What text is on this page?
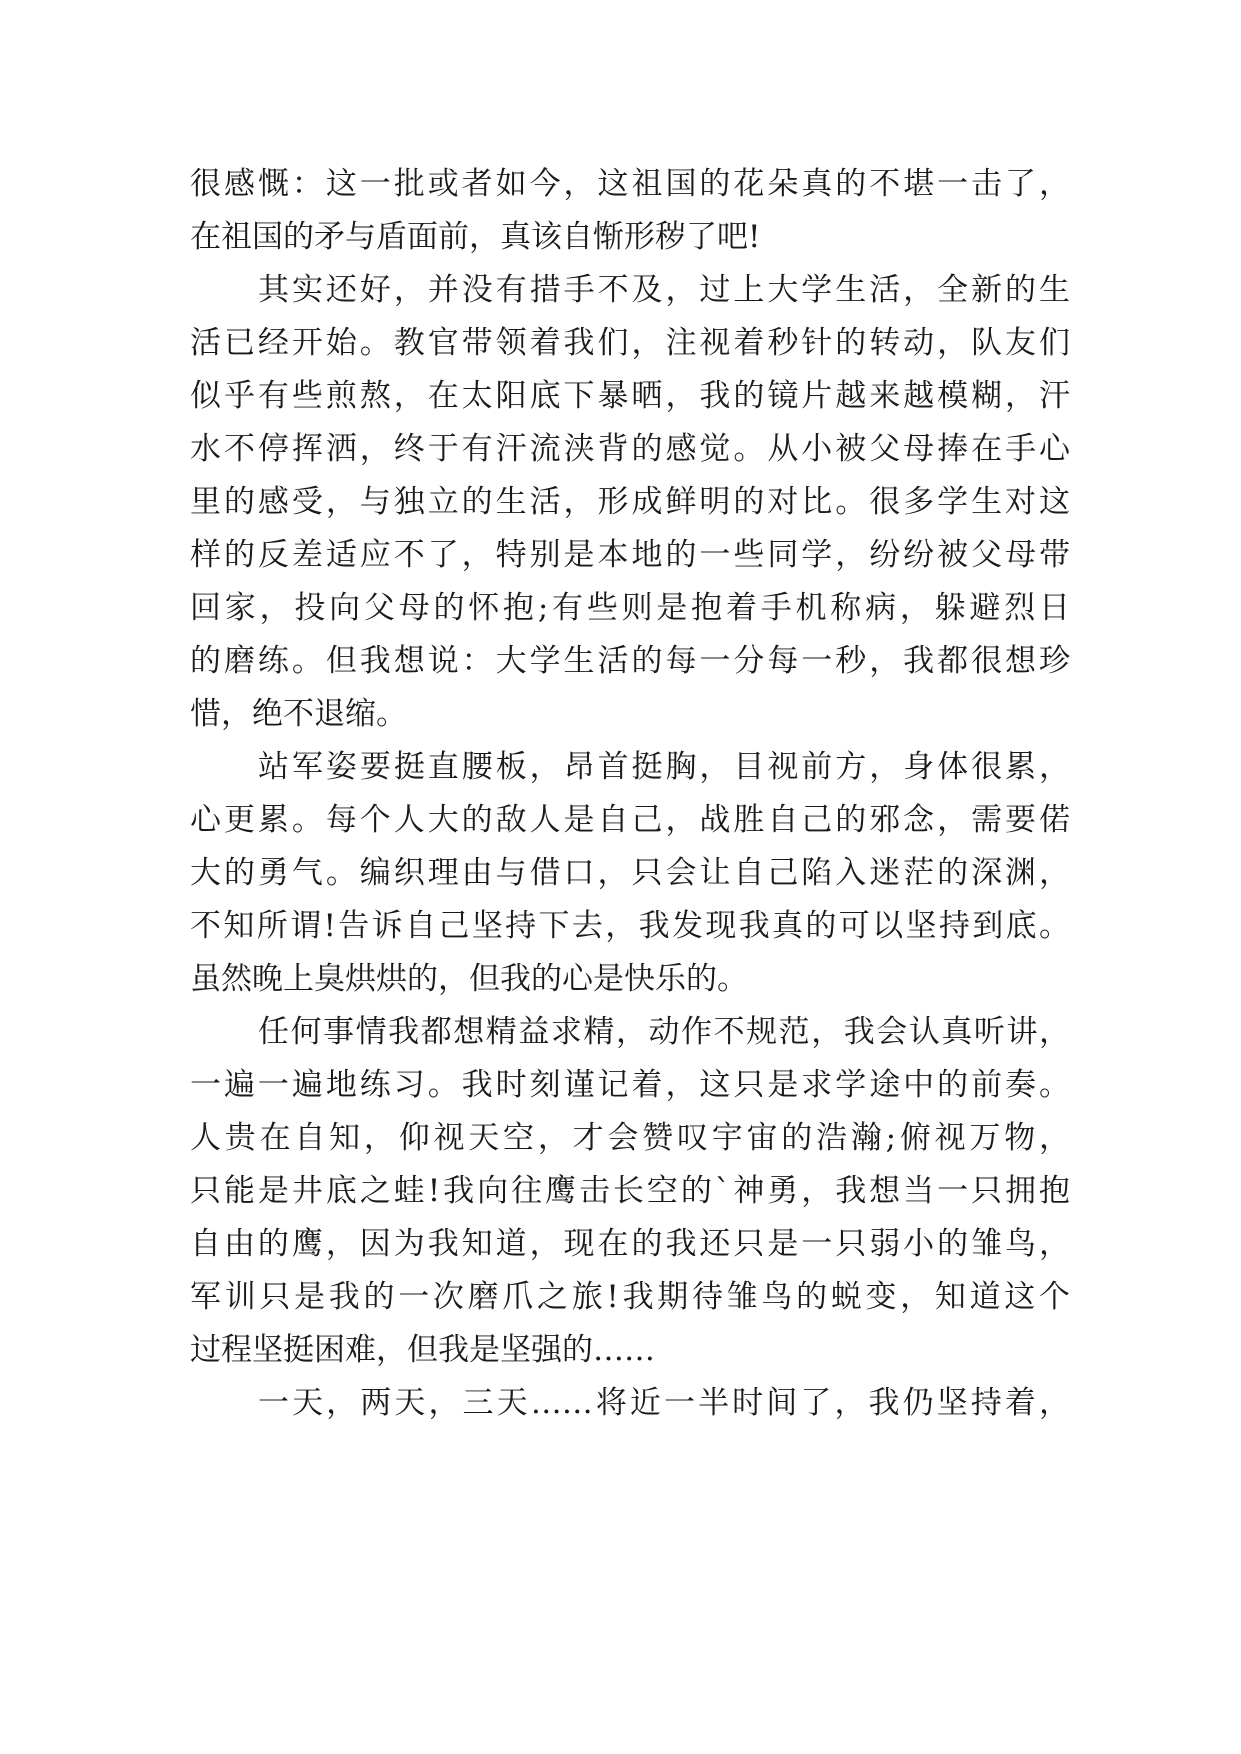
很感慨：这一批或者如今，这祖国的花朵真的不堪一击了，
在祖国的矛与盾面前，真该自惭形秽了吧!
其实还好，并没有措手不及，过上大学生活，全新的生
活已经开始。教官带领着我们，注视着秒针的转动，队友们
似乎有些煎熬，在太阳底下暴晒，我的镜片越来越模糊，汗
水不停挥洒，终于有汗流浃背的感觉。从小被父母捧在手心
里的感受，与独立的生活，形成鲜明的对比。很多学生对这
样的反差适应不了，特别是本地的一些同学，纷纷被父母带
回家，投向父母的怀抱;有些则是抱着手机称病，躲避烈日
的磨练。但我想说：大学生活的每一分每一秒，我都很想珍
惜，绝不退缩。
站军姿要挺直腰板，昂首挺胸，目视前方，身体很累，
心更累。每个人大的敌人是自己，战胜自己的邪念，需要偌
大的勇气。编织理由与借口，只会让自己陷入迷茫的深渊，
不知所谓!告诉自己坚持下去，我发现我真的可以坚持到底。
虽然晚上臭烘烘的，但我的心是快乐的。
任何事情我都想精益求精，动作不规范，我会认真听讲，
一遍一遍地练习。我时刻谨记着，这只是求学途中的前奏。
人贵在自知，仰视天空，才会赞叹宇宙的浩瀚;俯视万物，
只能是井底之蛙!我向往鹰击长空的`神勇，我想当一只拥抱
自由的鹰，因为我知道，现在的我还只是一只弱小的雏鸟，
军训只是我的一次磨爪之旅!我期待雏鸟的蜕变，知道这个
过程坚挺困难，但我是坚强的……
一天，两天，三天……将近一半时间了，我仍坚持着，
